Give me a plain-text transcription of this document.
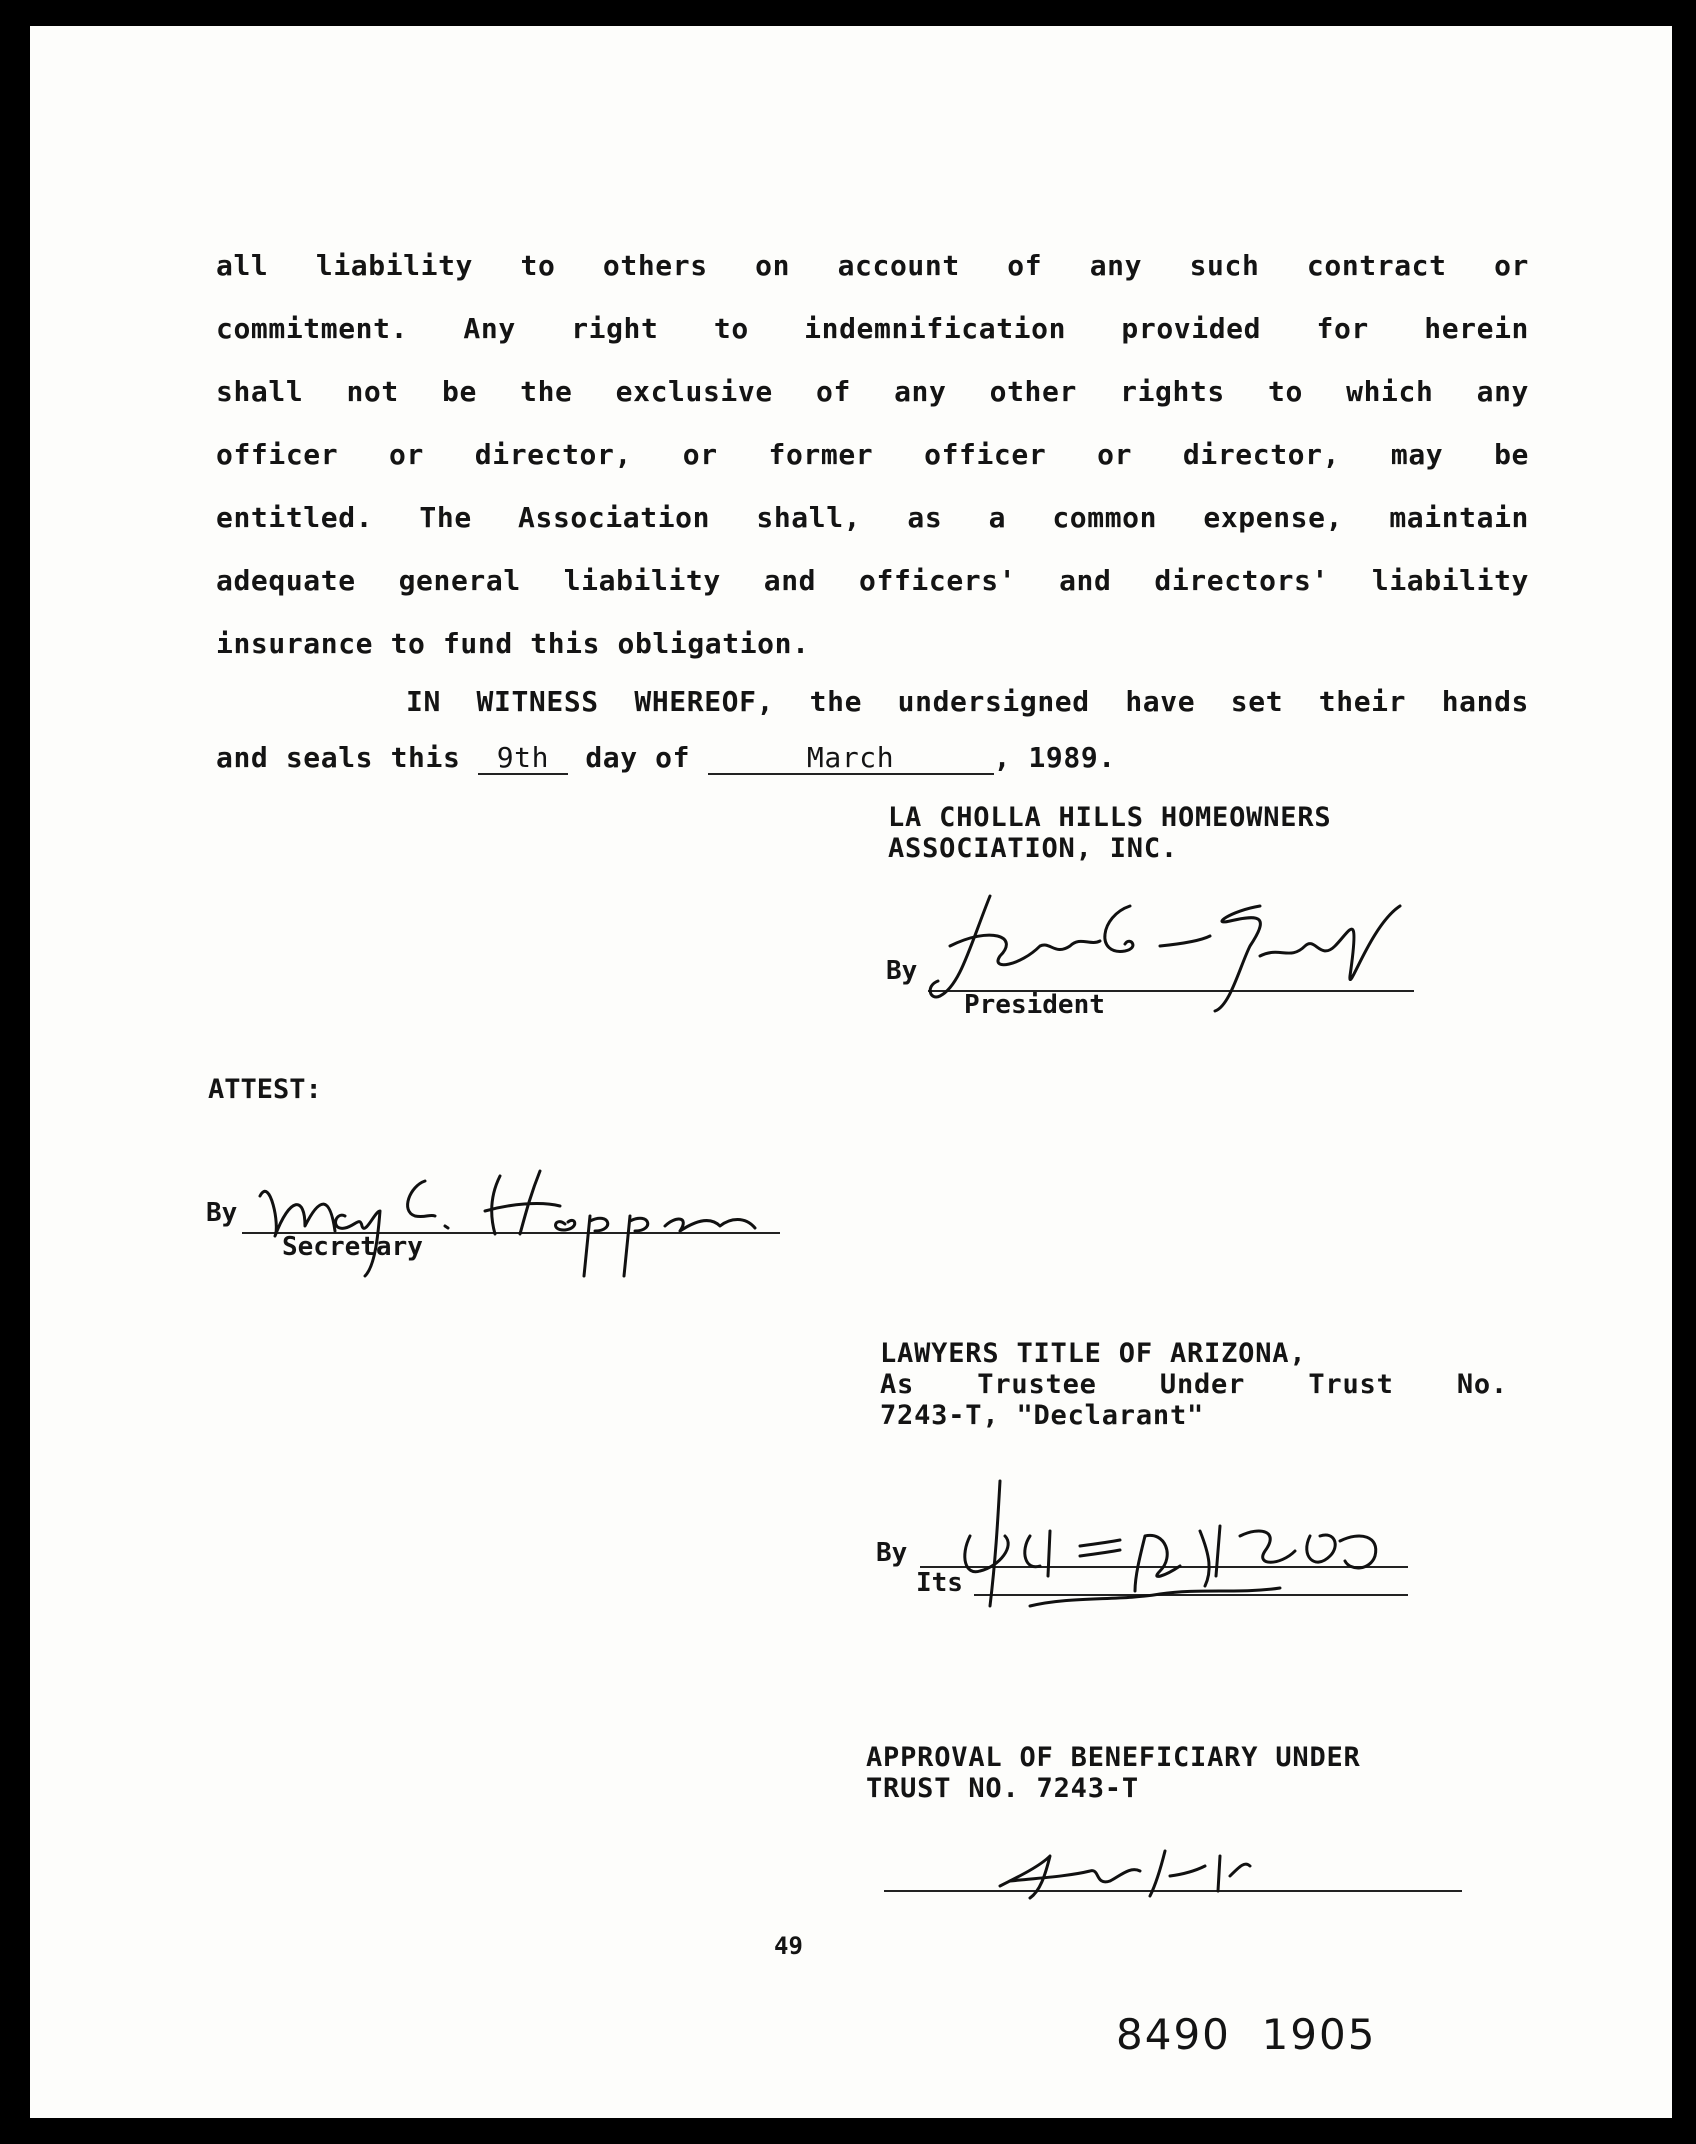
all liability to others on account of any such contract or
commitment. Any right to indemnification provided for herein
shall not be the exclusive of any other rights to which any
officer or director, or former officer or director, may be
entitled. The Association shall, as a common expense, maintain
adequate general liability and officers' and directors' liability
insurance to fund this obligation.
IN WITNESS WHEREOF, the undersigned have set their hands
and seals this 9th day of	March	, 1989.
LA CHOLLA HILLS HOMEOWNERS
ASSOCIATION, INC.
By
President
ATTEST:
By
Secretary
LAWYERS TITLE OF ARIZONA,
As Trustee Under Trust No.
7243-T, "Declarant"
By
Its
APPROVAL OF BENEFICIARY UNDER
TRUST NO. 7243-T
49
8490  1905
